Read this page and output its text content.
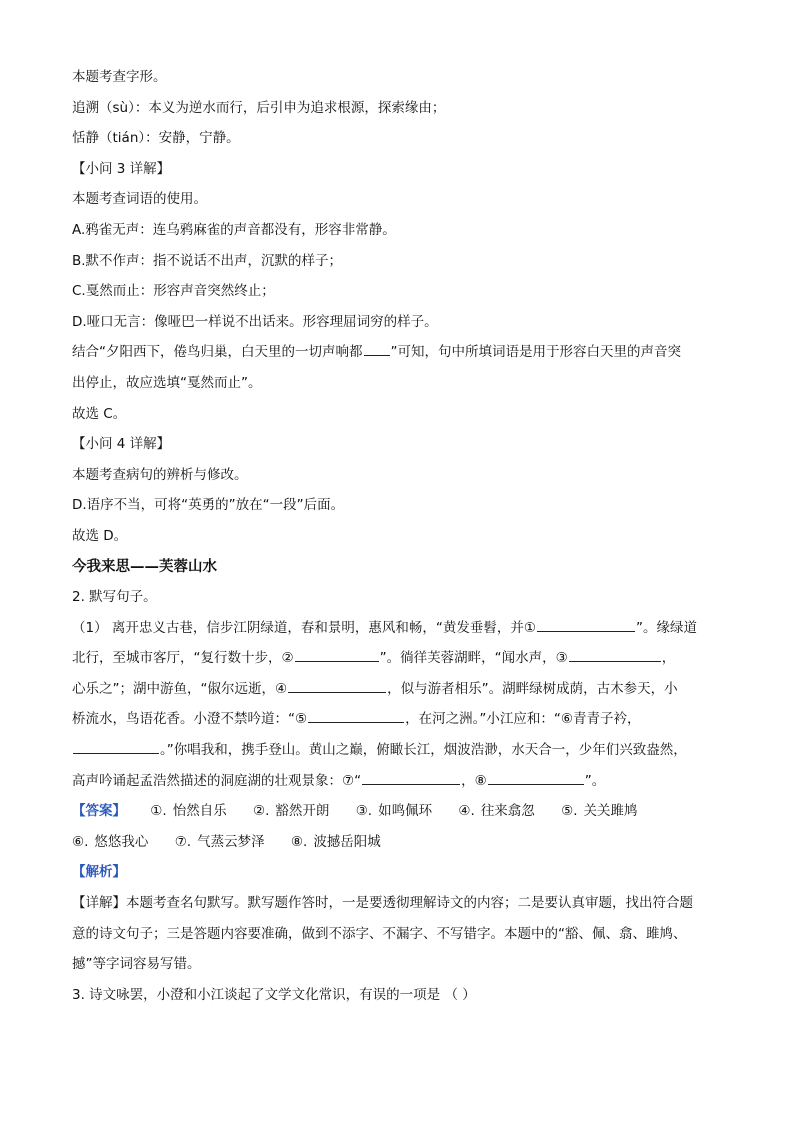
本题考查字形。
追溯（sù）：本义为逆水而行，后引申为追求根源，探索缘由；
恬静（tián）：安静，宁静。
【小问 3 详解】
本题考查词语的使用。
A.鸦雀无声：连乌鸦麻雀的声音都没有，形容非常静。
B.默不作声：指不说话不出声，沉默的样子；
C.戛然而止：形容声音突然终止；
D.哑口无言：像哑巴一样说不出话来。形容理屈词穷的样子。
结合“夕阳西下，倦鸟归巢，白天里的一切声响都 ”可知，句中所填词语是用于形容白天里的声音突
出停止，故应选填“戛然而止”。
故选 C。
【小问 4 详解】
本题考查病句的辨析与修改。
D.语序不当，可将“英勇的”放在“一段”后面。
故选 D。
今我来思——芙蓉山水
2. 默写句子。
（1） 离开忠义古巷，信步江阴绿道，春和景明，惠风和畅，“黄发垂髫，并①	”。缘绿道
北行，至城市客厅，“复行数十步，②	”。徜徉芙蓉湖畔，“闻水声，③	，
心乐之”；湖中游鱼，“俶尔远逝，④	，似与游者相乐”。湖畔绿树成荫，古木参天，小
桥流水，鸟语花香。小澄不禁吟道：“⑤	，在河之洲。”小江应和：“⑥青青子衿，
。”你唱我和，携手登山。黄山之巅，俯瞰长江，烟波浩渺，水天合一，少年们兴致盎然，
高声吟诵起孟浩然描述的洞庭湖的壮观景象：⑦“	，⑧	”。
【答案】 ①. 怡然自乐 ②. 豁然开朗 ③. 如鸣佩环 ④. 往来翕忽 ⑤. 关关雎鸠
⑥. 悠悠我心 ⑦. 气蒸云梦泽 ⑧. 波撼岳阳城
【解析】
【详解】本题考查名句默写。默写题作答时，一是要透彻理解诗文的内容；二是要认真审题，找出符合题
意的诗文句子；三是答题内容要准确，做到不添字、不漏字、不写错字。本题中的“豁、佩、翕、雎鸠、
撼”等字词容易写错。
3. 诗文咏罢，小澄和小江谈起了文学文化常识，有误的一项是 （ ）
